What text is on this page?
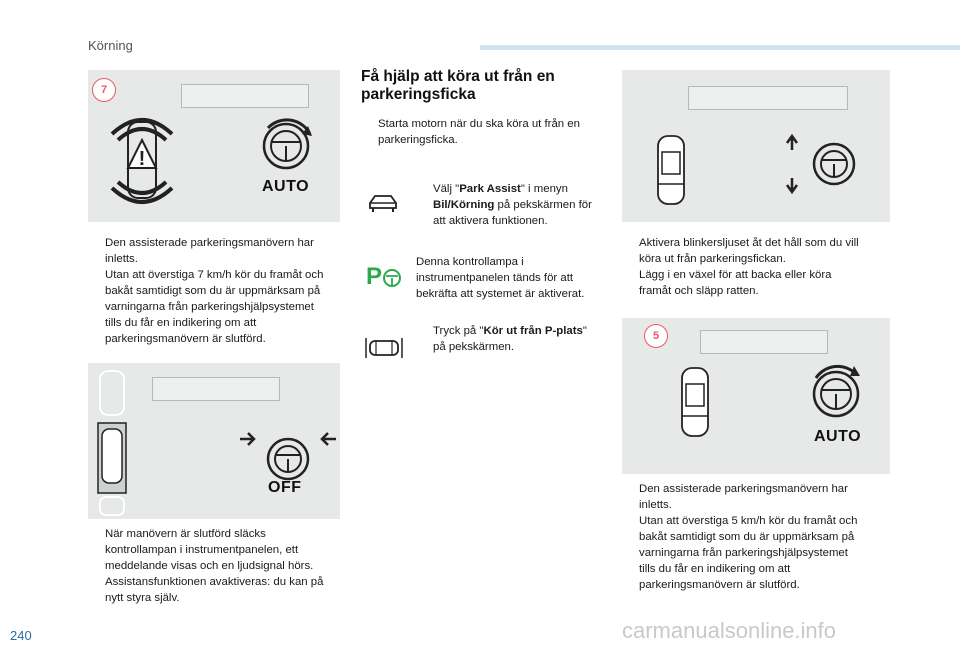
Körning
7
!
AUTO
Den assisterade parkeringsmanövern har
inletts.
Utan att överstiga 7 km/h kör du framåt och
bakåt samtidigt som du är uppmärksam på
varningarna från parkeringshjälpsystemet
tills du får en indikering om att
parkeringsmanövern är slutförd.
OFF
När manövern är slutförd släcks
kontrollampan i instrumentpanelen, ett
meddelande visas och en ljudsignal hörs.
Assistansfunktionen avaktiveras: du kan på
nytt styra själv.
Få hjälp att köra ut från en
parkeringsficka
Starta motorn när du ska köra ut från en
parkeringsficka.
Välj "Park Assist" i menyn
Bil/Körning på pekskärmen för
att aktivera funktionen.
P
Denna kontrollampa i
instrumentpanelen tänds för att
bekräfta att systemet är aktiverat.
Tryck på "Kör ut från P-plats"
på pekskärmen.
Aktivera blinkersljuset åt det håll som du vill
köra ut från parkeringsfickan.
Lägg i en växel för att backa eller köra
framåt och släpp ratten.
5
AUTO
Den assisterade parkeringsmanövern har
inletts.
Utan att överstiga 5 km/h kör du framåt och
bakåt samtidigt som du är uppmärksam på
varningarna från parkeringshjälpsystemet
tills du får en indikering om att
parkeringsmanövern är slutförd.
240	carmanualsonline.info
